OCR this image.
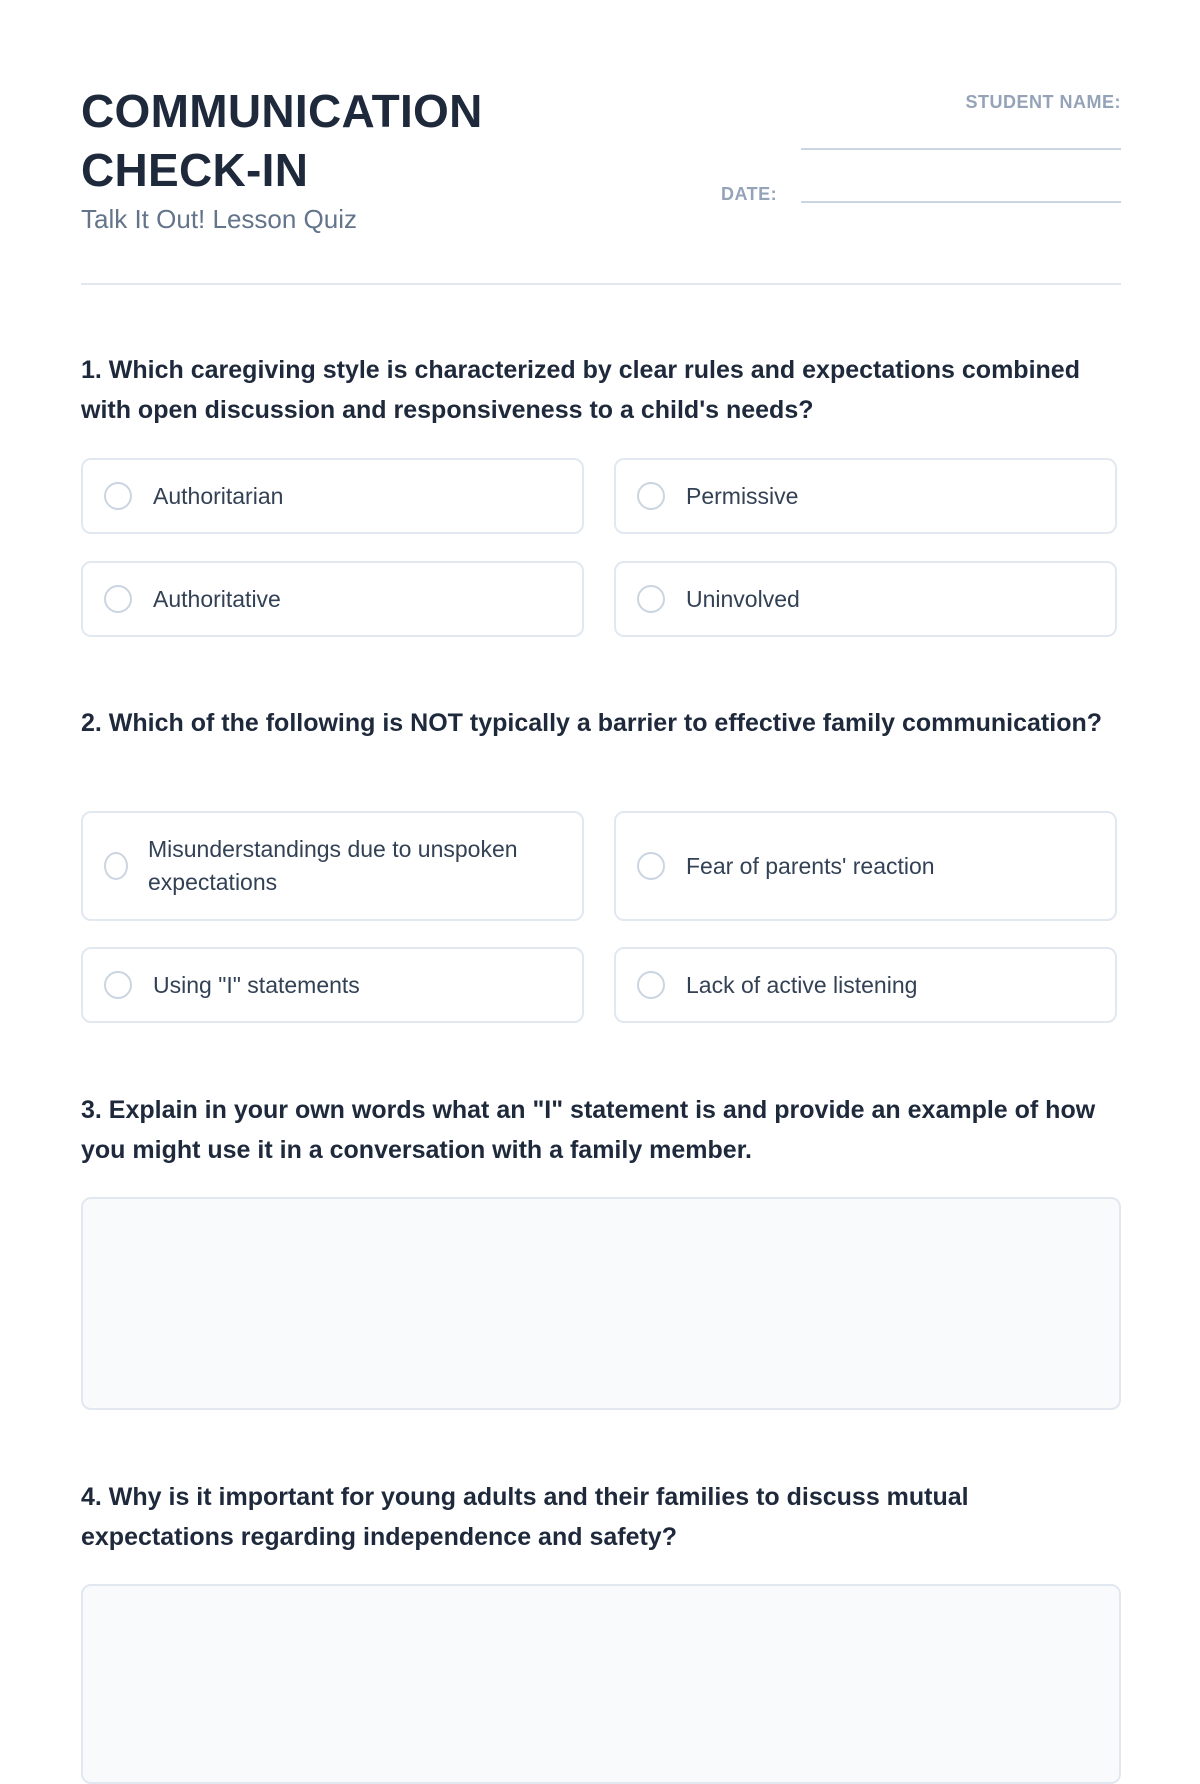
COMMUNICATION
CHECK-IN
Talk It Out! Lesson Quiz
STUDENT NAME:
DATE:

1. Which caregiving style is characterized by clear rules and expectations combined with open discussion and responsiveness to a child's needs?

Authoritarian	Permissive
Authoritative	Uninvolved

2. Which of the following is NOT typically a barrier to effective family communication?

Misunderstandings due to unspoken expectations
Fear of parents' reaction
Using "I" statements	Lack of active listening

3. Explain in your own words what an "I" statement is and provide an example of how you might use it in a conversation with a family member.

4. Why is it important for young adults and their families to discuss mutual expectations regarding independence and safety?
